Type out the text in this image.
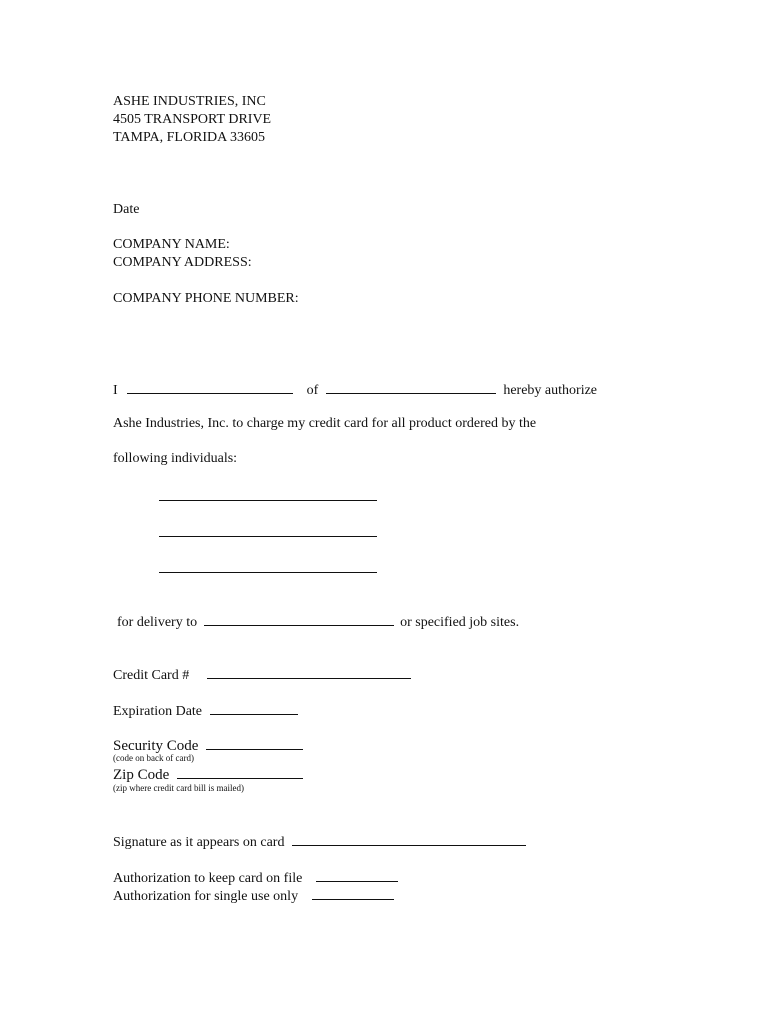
ASHE INDUSTRIES, INC
4505 TRANSPORT DRIVE
TAMPA, FLORIDA 33605
Date
COMPANY NAME:
COMPANY ADDRESS:
COMPANY PHONE NUMBER:
I	of	hereby authorize
Ashe Industries, Inc. to charge my credit card for all product ordered by the
following individuals:
for delivery to	or specified job sites.
Credit Card #
Expiration Date
Security Code
(code on back of card)
Zip Code
(zip where credit card bill is mailed)
Signature as it appears on card
Authorization to keep card on file
Authorization for single use only
